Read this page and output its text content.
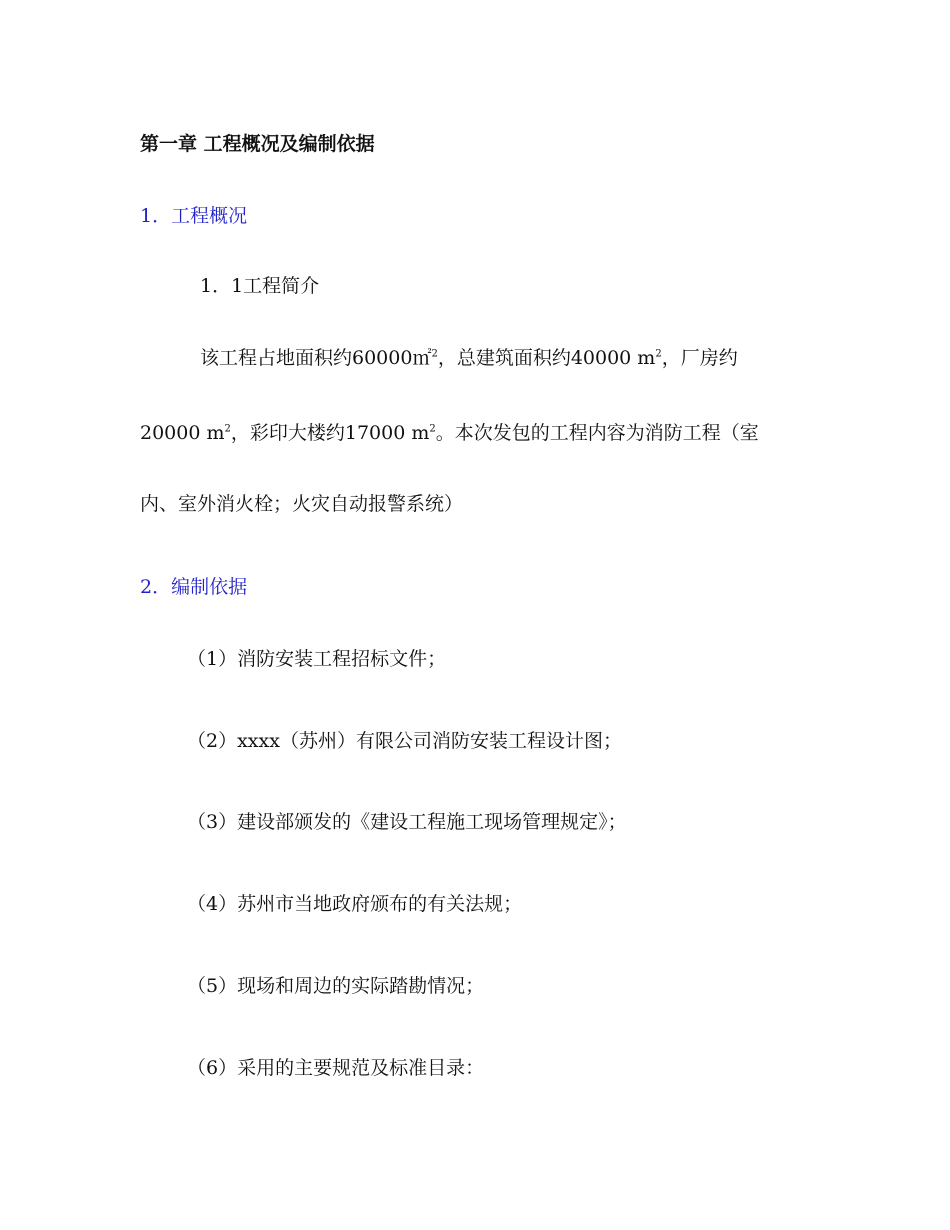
第一章 工程概况及编制依据
1．工程概况
1．1工程简介
该工程占地面积约60000㎡$^2$，总建筑面积约40000 $m^2$，厂房约
20000 $m^2$，彩印大楼约17000 $m^2$。本次发包的工程内容为消防工程（室
内、室外消火栓；火灾自动报警系统）
2．编制依据
（1）消防安装工程招标文件；
（2）xxxx（苏州）有限公司消防安装工程设计图；
（3）建设部颁发的《建设工程施工现场管理规定》；
（4）苏州市当地政府颁布的有关法规；
（5）现场和周边的实际踏勘情况；
（6）采用的主要规范及标准目录：
